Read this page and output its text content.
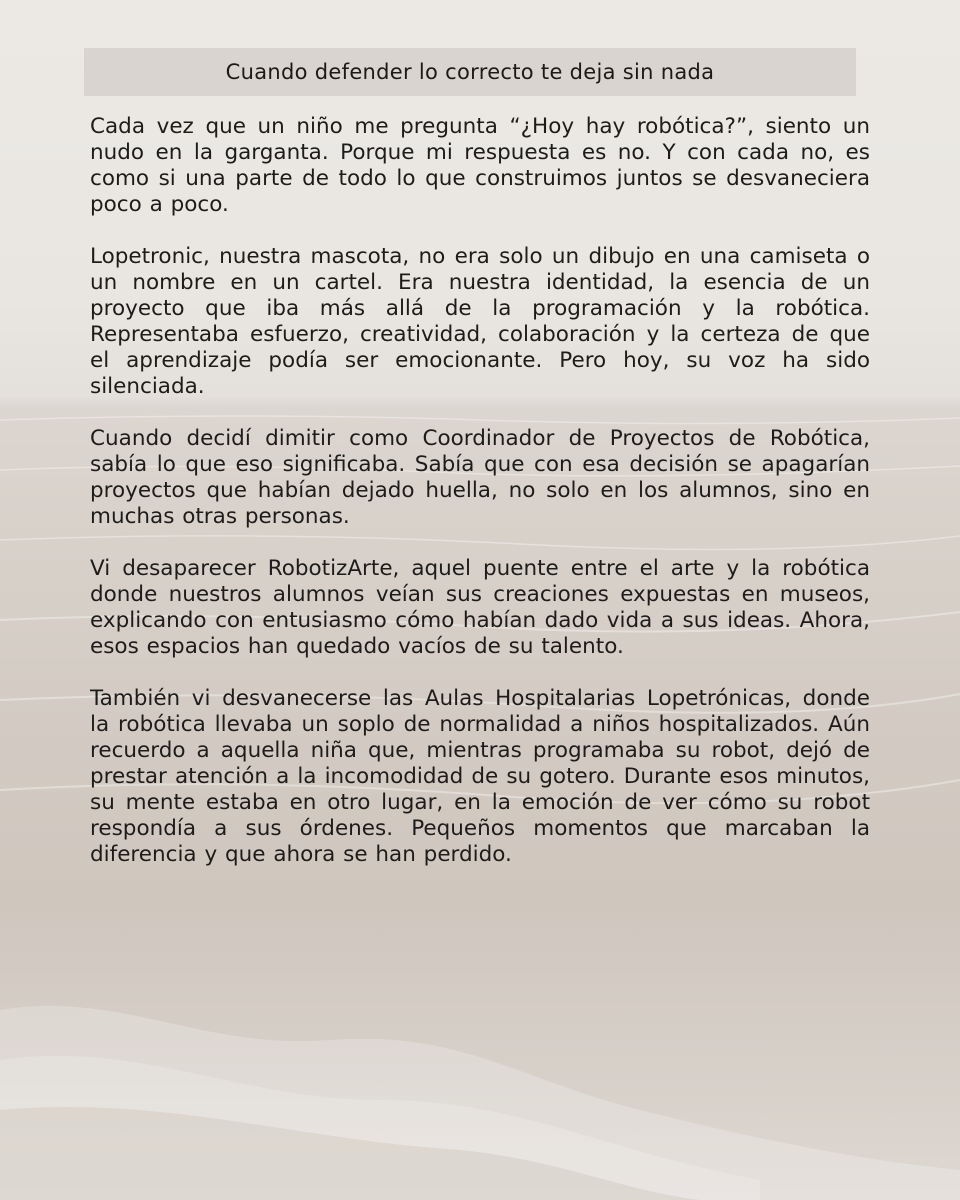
Cuando defender lo correcto te deja sin nada

Cada vez que un niño me pregunta “¿Hoy hay robótica?”, siento un nudo en la garganta. Porque mi respuesta es no. Y con cada no, es como si una parte de todo lo que construimos juntos se desvaneciera poco a poco.

Lopetronic, nuestra mascota, no era solo un dibujo en una camiseta o un nombre en un cartel. Era nuestra identidad, la esencia de un proyecto que iba más allá de la programación y la robótica. Representaba esfuerzo, creatividad, colaboración y la certeza de que el aprendizaje podía ser emocionante. Pero hoy, su voz ha sido silenciada.

Cuando decidí dimitir como Coordinador de Proyectos de Robótica, sabía lo que eso significaba. Sabía que con esa decisión se apagarían proyectos que habían dejado huella, no solo en los alumnos, sino en muchas otras personas.

Vi desaparecer RobotizArte, aquel puente entre el arte y la robótica donde nuestros alumnos veían sus creaciones expuestas en museos, explicando con entusiasmo cómo habían dado vida a sus ideas. Ahora, esos espacios han quedado vacíos de su talento.

También vi desvanecerse las Aulas Hospitalarias Lopetrónicas, donde la robótica llevaba un soplo de normalidad a niños hospitalizados. Aún recuerdo a aquella niña que, mientras programaba su robot, dejó de prestar atención a la incomodidad de su gotero. Durante esos minutos, su mente estaba en otro lugar, en la emoción de ver cómo su robot respondía a sus órdenes. Pequeños momentos que marcaban la diferencia y que ahora se han perdido.
